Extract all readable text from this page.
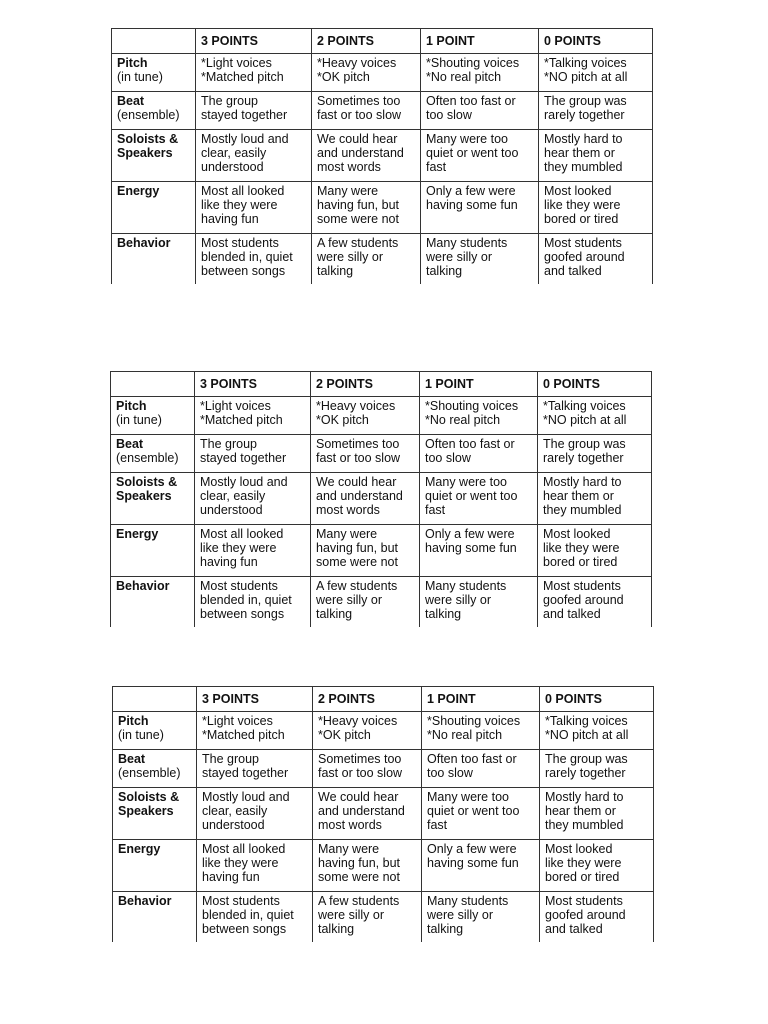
	3 POINTS	2 POINTS	1 POINT	0 POINTS

Pitch
(in tune)	*Light voices
*Matched pitch	*Heavy voices
*OK pitch	*Shouting voices
*No real pitch	*Talking voices
*NO pitch at all

Beat
(ensemble)	The group
stayed together	Sometimes too
fast or too slow	Often too fast or
too slow	The group was
rarely together

Soloists &
Speakers	Mostly loud and
clear, easily
understood	We could hear
and understand
most words	Many were too
quiet or went too
fast	Mostly hard to
hear them or
they mumbled

Energy	Most all looked
like they were
having fun	Many were
having fun, but
some were not	Only a few were
having some fun	Most looked
like they were
bored or tired

Behavior	Most students
blended in, quiet
between songs	A few students
were silly or
talking	Many students
were silly or
talking	Most students
goofed around
and talked
	3 POINTS	2 POINTS	1 POINT	0 POINTS

Pitch
(in tune)	*Light voices
*Matched pitch	*Heavy voices
*OK pitch	*Shouting voices
*No real pitch	*Talking voices
*NO pitch at all

Beat
(ensemble)	The group
stayed together	Sometimes too
fast or too slow	Often too fast or
too slow	The group was
rarely together

Soloists &
Speakers	Mostly loud and
clear, easily
understood	We could hear
and understand
most words	Many were too
quiet or went too
fast	Mostly hard to
hear them or
they mumbled

Energy	Most all looked
like they were
having fun	Many were
having fun, but
some were not	Only a few were
having some fun	Most looked
like they were
bored or tired

Behavior	Most students
blended in, quiet
between songs	A few students
were silly or
talking	Many students
were silly or
talking	Most students
goofed around
and talked
	3 POINTS	2 POINTS	1 POINT	0 POINTS

Pitch
(in tune)	*Light voices
*Matched pitch	*Heavy voices
*OK pitch	*Shouting voices
*No real pitch	*Talking voices
*NO pitch at all

Beat
(ensemble)	The group
stayed together	Sometimes too
fast or too slow	Often too fast or
too slow	The group was
rarely together

Soloists &
Speakers	Mostly loud and
clear, easily
understood	We could hear
and understand
most words	Many were too
quiet or went too
fast	Mostly hard to
hear them or
they mumbled

Energy	Most all looked
like they were
having fun	Many were
having fun, but
some were not	Only a few were
having some fun	Most looked
like they were
bored or tired

Behavior	Most students
blended in, quiet
between songs	A few students
were silly or
talking	Many students
were silly or
talking	Most students
goofed around
and talked
